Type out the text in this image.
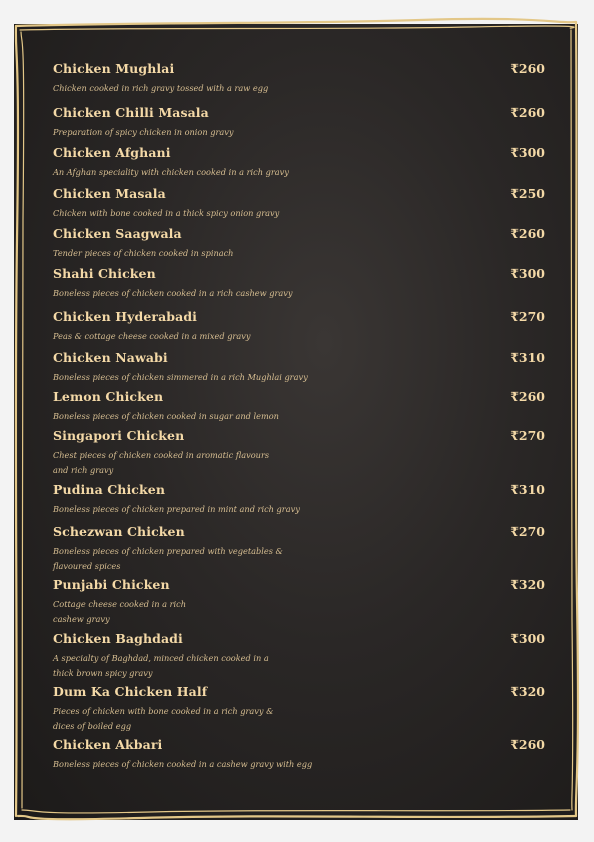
Chicken Mughlai	₹260
Chicken cooked in rich gravy tossed with a raw egg
Chicken Chilli Masala	₹260
Preparation of spicy chicken in onion gravy
Chicken Afghani	₹300
An Afghan speciality with chicken cooked in a rich gravy
Chicken Masala	₹250
Chicken with bone cooked in a thick spicy onion gravy
Chicken Saagwala	₹260
Tender pieces of chicken cooked in spinach
Shahi Chicken	₹300
Boneless pieces of chicken cooked in a rich cashew gravy
Chicken Hyderabadi	₹270
Peas & cottage cheese cooked in a mixed gravy
Chicken Nawabi	₹310
Boneless pieces of chicken simmered in a rich Mughlai gravy
Lemon Chicken	₹260
Boneless pieces of chicken cooked in sugar and lemon
Singapori Chicken	₹270
Chest pieces of chicken cooked in aromatic flavours and rich gravy
Pudina Chicken	₹310
Boneless pieces of chicken prepared in mint and rich gravy
Schezwan Chicken	₹270
Boneless pieces of chicken prepared with vegetables & flavoured spices
Punjabi Chicken	₹320
Cottage cheese cooked in a rich cashew gravy
Chicken Baghdadi	₹300
A specialty of Baghdad, minced chicken cooked in a thick brown spicy gravy
Dum Ka Chicken Half	₹320
Pieces of chicken with bone cooked in a rich gravy & dices of boiled egg
Chicken Akbari	₹260
Boneless pieces of chicken cooked in a cashew gravy with egg
